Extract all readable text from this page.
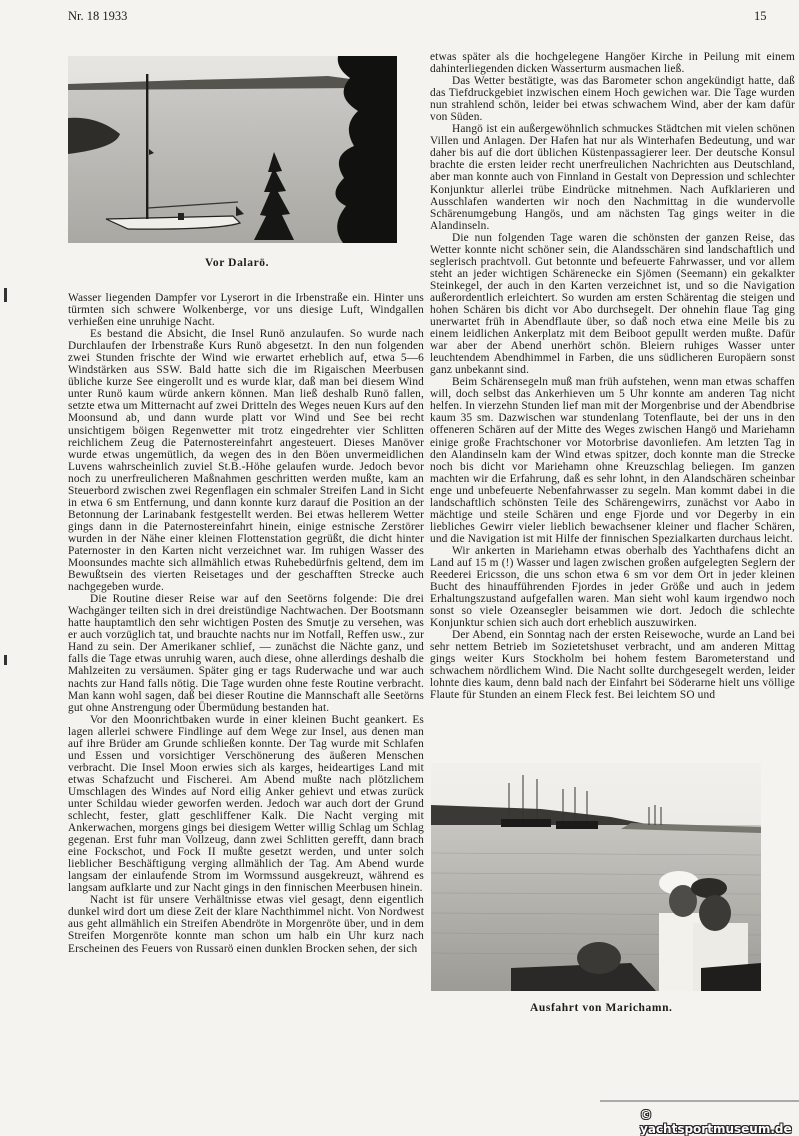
Nr. 18 1933	15
Vor Dalarö.

Wasser liegenden Dampfer vor Lyserort in die Irbenstraße ein. Hinter uns türmten sich schwere Wolkenberge, vor uns diesige Luft, Windgallen verhießen eine unruhige Nacht.

Es bestand die Absicht, die Insel Runö anzulaufen. So wurde nach Durchlaufen der Irbenstraße Kurs Runö abgesetzt. In den nun folgenden zwei Stunden frischte der Wind wie erwartet erheblich auf, etwa 5—6 Windstärken aus SSW. Bald hatte sich die im Rigaischen Meerbusen übliche kurze See eingerollt und es wurde klar, daß man bei diesem Wind unter Runö kaum würde ankern können. Man ließ deshalb Runö fallen, setzte etwa um Mitternacht auf zwei Dritteln des Weges neuen Kurs auf den Moonsund ab, und dann wurde platt vor Wind und See bei recht unsichtigem böigen Regenwetter mit trotz eingedrehter vier Schlitten reichlichem Zeug die Paternostereinfahrt angesteuert. Dieses Manöver wurde etwas ungemütlich, da wegen des in den Böen unvermeidlichen Luvens wahrscheinlich zuviel St.B.-Höhe gelaufen wurde. Jedoch bevor noch zu unerfreulicheren Maßnahmen geschritten werden mußte, kam an Steuerbord zwischen zwei Regenflagen ein schmaler Streifen Land in Sicht in etwa 6 sm Entfernung, und dann konnte kurz darauf die Position an der Betonnung der Larinabank festgestellt werden. Bei etwas hellerem Wetter gings dann in die Paternostereinfahrt hinein, einige estnische Zerstörer wurden in der Nähe einer kleinen Flottenstation gegrüßt, die dicht hinter Paternoster in den Karten nicht verzeichnet war. Im ruhigen Wasser des Moonsundes machte sich allmählich etwas Ruhebedürfnis geltend, dem im Bewußtsein des vierten Reisetages und der geschafften Strecke auch nachgegeben wurde.

Die Routine dieser Reise war auf den Seetörns folgende: Die drei Wachgänger teilten sich in drei dreistündige Nachtwachen. Der Bootsmann hatte hauptamtlich den sehr wichtigen Posten des Smutje zu versehen, was er auch vorzüglich tat, und brauchte nachts nur im Notfall, Reffen usw., zur Hand zu sein. Der Amerikaner schlief, — zunächst die Nächte ganz, und falls die Tage etwas unruhig waren, auch diese, ohne allerdings deshalb die Mahlzeiten zu versäumen. Später ging er tags Ruderwache und war auch nachts zur Hand falls nötig. Die Tage wurden ohne feste Routine verbracht. Man kann wohl sagen, daß bei dieser Routine die Mannschaft alle Seetörns gut ohne Anstrengung oder Übermüdung bestanden hat.

Vor den Moonrichtbaken wurde in einer kleinen Bucht geankert. Es lagen allerlei schwere Findlinge auf dem Wege zur Insel, aus denen man auf ihre Brüder am Grunde schließen konnte. Der Tag wurde mit Schlafen und Essen und vorsichtiger Verschönerung des äußeren Menschen verbracht. Die Insel Moon erwies sich als karges, heideartiges Land mit etwas Schafzucht und Fischerei. Am Abend mußte nach plötzlichem Umschlagen des Windes auf Nord eilig Anker gehievt und etwas zurück unter Schildau wieder geworfen werden. Jedoch war auch dort der Grund schlecht, fester, glatt geschliffener Kalk. Die Nacht verging mit Ankerwachen, morgens gings bei diesigem Wetter willig Schlag um Schlag gegenan. Erst fuhr man Vollzeug, dann zwei Schlitten gerefft, dann brach eine Fockschot, und Fock II mußte gesetzt werden, und unter solch lieblicher Beschäftigung verging allmählich der Tag. Am Abend wurde langsam der einlaufende Strom im Wormssund ausgekreuzt, während es langsam aufklarte und zur Nacht gings in den finnischen Meerbusen hinein.

Nacht ist für unsere Verhältnisse etwas viel gesagt, denn eigentlich dunkel wird dort um diese Zeit der klare Nachthimmel nicht. Von Nordwest aus geht allmählich ein Streifen Abendröte in Morgenröte über, und in dem Streifen Morgenröte konnte man schon um halb ein Uhr kurz nach Erscheinen des Feuers von Russarö einen dunklen Brocken sehen, der sich

etwas später als die hochgelegene Hangöer Kirche in Peilung mit einem dahinterliegenden dicken Wasserturm ausmachen ließ.

Das Wetter bestätigte, was das Barometer schon angekündigt hatte, daß das Tiefdruckgebiet inzwischen einem Hoch gewichen war. Die Tage wurden nun strahlend schön, leider bei etwas schwachem Wind, aber der kam dafür von Süden.

Hangö ist ein außergewöhnlich schmuckes Städtchen mit vielen schönen Villen und Anlagen. Der Hafen hat nur als Winterhafen Bedeutung, und war daher bis auf die dort üblichen Küstenpassagierer leer. Der deutsche Konsul brachte die ersten leider recht unerfreulichen Nachrichten aus Deutschland, aber man konnte auch von Finnland in Gestalt von Depression und schlechter Konjunktur allerlei trübe Eindrücke mitnehmen. Nach Aufklarieren und Ausschlafen wanderten wir noch den Nachmittag in die wundervolle Schärenumgebung Hangös, und am nächsten Tag gings weiter in die Alandinseln.

Die nun folgenden Tage waren die schönsten der ganzen Reise, das Wetter konnte nicht schöner sein, die Alandsschären sind landschaftlich und seglerisch prachtvoll. Gut betonnte und befeuerte Fahrwasser, und vor allem steht an jeder wichtigen Schärenecke ein Sjömen (Seemann) ein gekalkter Steinkegel, der auch in den Karten verzeichnet ist, und so die Navigation außerordentlich erleichtert. So wurden am ersten Schärentag die steigen und hohen Schären bis dicht vor Abo durchsegelt. Der ohnehin flaue Tag ging unerwartet früh in Abendflaute über, so daß noch etwa eine Meile bis zu einem leidlichen Ankerplatz mit dem Beiboot gepullt werden mußte. Dafür war aber der Abend unerhört schön. Bleiern ruhiges Wasser unter leuchtendem Abendhimmel in Farben, die uns südlicheren Europäern sonst ganz unbekannt sind.

Beim Schärensegeln muß man früh aufstehen, wenn man etwas schaffen will, doch selbst das Ankerhieven um 5 Uhr konnte am anderen Tag nicht helfen. In vierzehn Stunden lief man mit der Morgenbrise und der Abendbrise kaum 35 sm. Dazwischen war stundenlang Totenflaute, bei der uns in den offeneren Schären auf der Mitte des Weges zwischen Hangö und Mariehamn einige große Frachtschoner vor Motorbrise davonliefen. Am letzten Tag in den Alandinseln kam der Wind etwas spitzer, doch konnte man die Strecke noch bis dicht vor Mariehamn ohne Kreuzschlag beliegen. Im ganzen machten wir die Erfahrung, daß es sehr lohnt, in den Alandschären scheinbar enge und unbefeuerte Nebenfahrwasser zu segeln. Man kommt dabei in die landschaftlich schönsten Teile des Schärengewirrs, zunächst vor Aabo in mächtige und steile Schären und enge Fjorde und vor Degerby in ein liebliches Gewirr vieler lieblich bewachsener kleiner und flacher Schären, und die Navigation ist mit Hilfe der finnischen Spezialkarten durchaus leicht.

Wir ankerten in Mariehamn etwas oberhalb des Yachthafens dicht an Land auf 15 m (!) Wasser und lagen zwischen großen aufgelegten Seglern der Reederei Ericsson, die uns schon etwa 6 sm vor dem Ort in jeder kleinen Bucht des hinaufführenden Fjordes in jeder Größe und auch in jedem Erhaltungszustand aufgefallen waren. Man sieht wohl kaum irgendwo noch sonst so viele Ozeansegler beisammen wie dort. Jedoch die schlechte Konjunktur schien sich auch dort erheblich auszuwirken.

Der Abend, ein Sonntag nach der ersten Reisewoche, wurde an Land bei sehr nettem Betrieb im Sozietetshuset verbracht, und am anderen Mittag gings weiter Kurs Stockholm bei hohem festem Barometerstand und schwachem nördlichem Wind. Die Nacht sollte durchgesegelt werden, leider lohnte dies kaum, denn bald nach der Einfahrt bei Söderarne hielt uns völlige Flaute für Stunden an einem Fleck fest. Bei leichtem SO und

Ausfahrt von Marichamn.
© yachtsportmuseum.de
